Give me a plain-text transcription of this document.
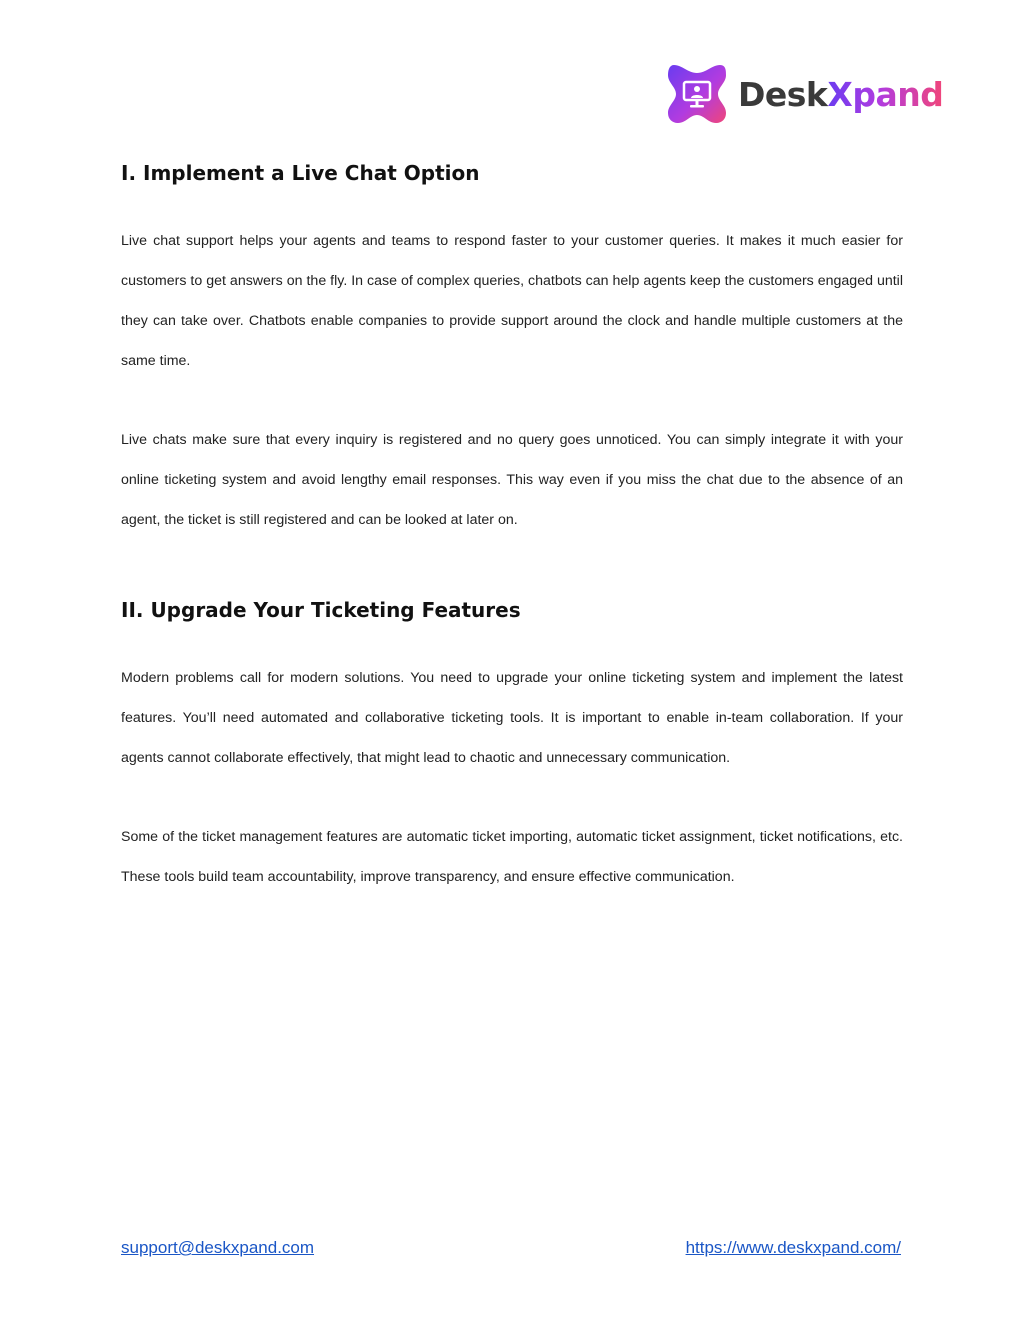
DeskXpand
I. Implement a Live Chat Option

Live chat support helps your agents and teams to respond faster to your customer queries. It makes it much easier for customers to get answers on the fly. In case of complex queries, chatbots can help agents keep the customers engaged until they can take over. Chatbots enable companies to provide support around the clock and handle multiple customers at the same time.

Live chats make sure that every inquiry is registered and no query goes unnoticed. You can simply integrate it with your online ticketing system and avoid lengthy email responses. This way even if you miss the chat due to the absence of an agent, the ticket is still registered and can be looked at later on.

II. Upgrade Your Ticketing Features

Modern problems call for modern solutions. You need to upgrade your online ticketing system and implement the latest features. You’ll need automated and collaborative ticketing tools. It is important to enable in-team collaboration. If your agents cannot collaborate effectively, that might lead to chaotic and unnecessary communication.

Some of the ticket management features are automatic ticket importing, automatic ticket assignment, ticket notifications, etc. These tools build team accountability, improve transparency, and ensure effective communication.

support@deskxpand.com	https://www.deskxpand.com/
